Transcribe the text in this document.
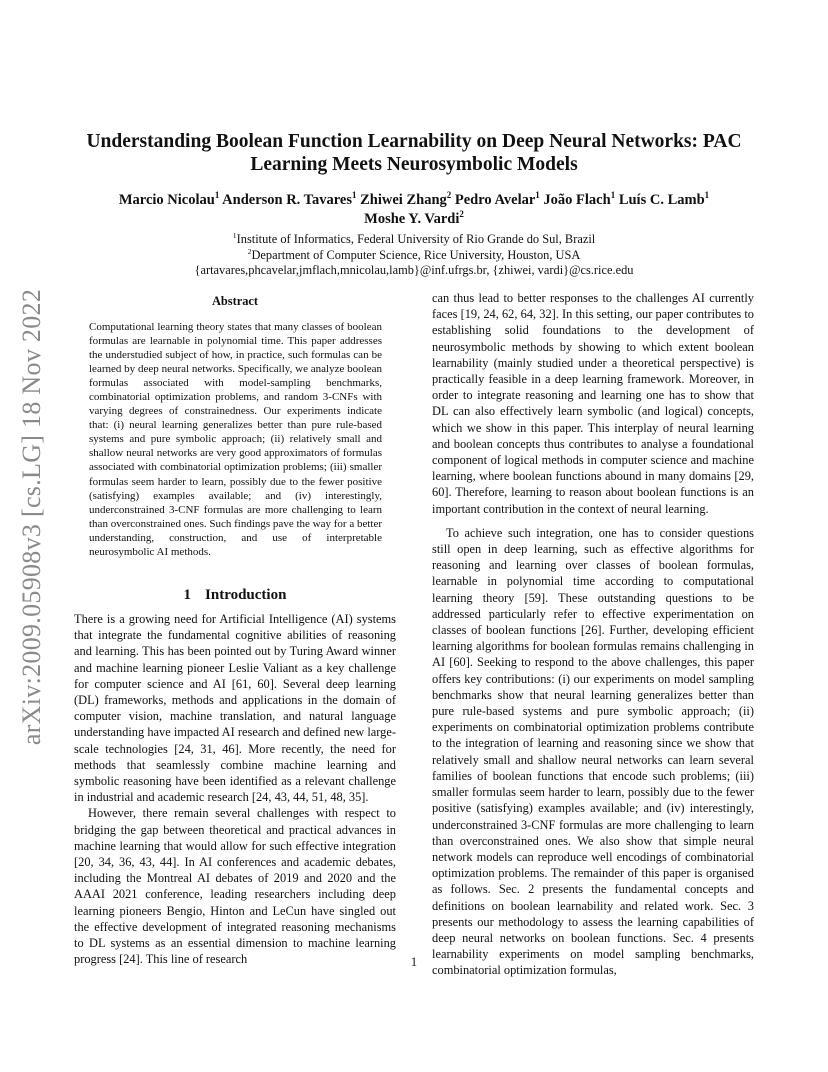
arXiv:2009.05908v3 [cs.LG] 18 Nov 2022
Understanding Boolean Function Learnability on Deep Neural Networks: PAC Learning Meets Neurosymbolic Models
Marcio Nicolau$^1$ Anderson R. Tavares$^1$ Zhiwei Zhang$^2$ Pedro Avelar$^1$ João Flach$^1$ Luís C. Lamb$^1$
Moshe Y. Vardi$^2$
$^1$Institute of Informatics, Federal University of Rio Grande do Sul, Brazil
$^2$Department of Computer Science, Rice University, Houston, USA
{artavares,phcavelar,jmflach,mnicolau,lamb}@inf.ufrgs.br, {zhiwei, vardi}@cs.rice.edu
Abstract
Computational learning theory states that many classes of boolean formulas are learnable in polynomial time. This paper addresses the understudied subject of how, in practice, such formulas can be learned by deep neural networks. Specifically, we analyze boolean formulas associated with model-sampling benchmarks, combinatorial optimization problems, and random 3-CNFs with varying degrees of constrainedness. Our experiments indicate that: (i) neural learning generalizes better than pure rule-based systems and pure symbolic approach; (ii) relatively small and shallow neural networks are very good approximators of formulas associated with combinatorial optimization problems; (iii) smaller formulas seem harder to learn, possibly due to the fewer positive (satisfying) examples available; and (iv) interestingly, underconstrained 3-CNF formulas are more challenging to learn than overconstrained ones. Such findings pave the way for a better understanding, construction, and use of interpretable neurosymbolic AI methods.
1 Introduction

There is a growing need for Artificial Intelligence (AI) systems that integrate the fundamental cognitive abilities of reasoning and learning. This has been pointed out by Turing Award winner and machine learning pioneer Leslie Valiant as a key challenge for computer science and AI [61, 60]. Several deep learning (DL) frameworks, methods and applications in the domain of computer vision, machine translation, and natural language understanding have impacted AI research and defined new large-scale technologies [24, 31, 46]. More recently, the need for methods that seamlessly combine machine learning and symbolic reasoning have been identified as a relevant challenge in industrial and academic research [24, 43, 44, 51, 48, 35].

However, there remain several challenges with respect to bridging the gap between theoretical and practical advances in machine learning that would allow for such effective integration [20, 34, 36, 43, 44]. In AI conferences and academic debates, including the Montreal AI debates of 2019 and 2020 and the AAAI 2021 conference, leading researchers including deep learning pioneers Bengio, Hinton and LeCun have singled out the effective development of integrated reasoning mechanisms to DL systems as an essential dimension to machine learning progress [24]. This line of research

can thus lead to better responses to the challenges AI currently faces [19, 24, 62, 64, 32]. In this setting, our paper contributes to establishing solid foundations to the development of neurosymbolic methods by showing to which extent boolean learnability (mainly studied under a theoretical perspective) is practically feasible in a deep learning framework. Moreover, in order to integrate reasoning and learning one has to show that DL can also effectively learn symbolic (and logical) concepts, which we show in this paper. This interplay of neural learning and boolean concepts thus contributes to analyse a foundational component of logical methods in computer science and machine learning, where boolean functions abound in many domains [29, 60]. Therefore, learning to reason about boolean functions is an important contribution in the context of neural learning.

To achieve such integration, one has to consider questions still open in deep learning, such as effective algorithms for reasoning and learning over classes of boolean formulas, learnable in polynomial time according to computational learning theory [59]. These outstanding questions to be addressed particularly refer to effective experimentation on classes of boolean functions [26]. Further, developing efficient learning algorithms for boolean formulas remains challenging in AI [60]. Seeking to respond to the above challenges, this paper offers key contributions: (i) our experiments on model sampling benchmarks show that neural learning generalizes better than pure rule-based systems and pure symbolic approach; (ii) experiments on combinatorial optimization problems contribute to the integration of learning and reasoning since we show that relatively small and shallow neural networks can learn several families of boolean functions that encode such problems; (iii) smaller formulas seem harder to learn, possibly due to the fewer positive (satisfying) examples available; and (iv) interestingly, underconstrained 3-CNF formulas are more challenging to learn than overconstrained ones. We also show that simple neural network models can reproduce well encodings of combinatorial optimization problems. The remainder of this paper is organised as follows. Sec. 2 presents the fundamental concepts and definitions on boolean learnability and related work. Sec. 3 presents our methodology to assess the learning capabilities of deep neural networks on boolean functions. Sec. 4 presents learnability experiments on model sampling benchmarks, combinatorial optimization formulas,

1
